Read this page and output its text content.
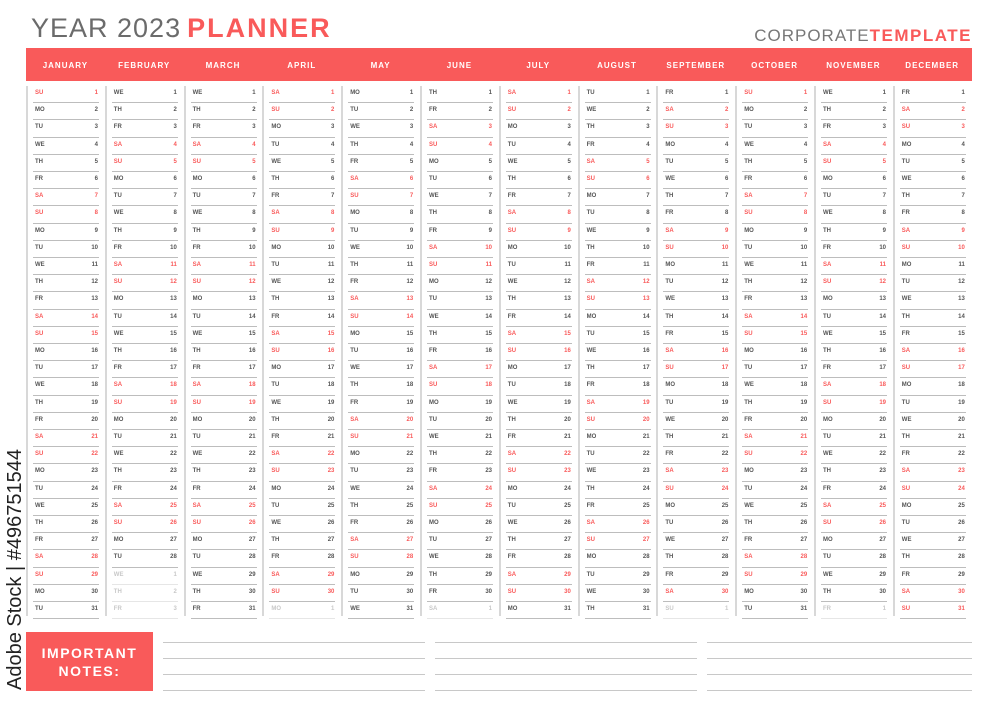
YEAR 2023 PLANNER	CORPORATETEMPLATE
JANUARY	FEBRUARY	MARCH	APRIL	MAY	JUNE	JULY	AUGUST	SEPTEMBER	OCTOBER	NOVEMBER	DECEMBER
SU	1
MO	2
TU	3
WE	4
TH	5
FR	6
SA	7
SU	8
MO	9
TU	10
WE	11
TH	12
FR	13
SA	14
SU	15
MO	16
TU	17
WE	18
TH	19
FR	20
SA	21
SU	22
MO	23
TU	24
WE	25
TH	26
FR	27
SA	28
SU	29
MO	30
TU	31
WE	1
TH	2
FR	3
SA	4
SU	5
MO	6
TU	7
WE	8
TH	9
FR	10
SA	11
SU	12
MO	13
TU	14
WE	15
TH	16
FR	17
SA	18
SU	19
MO	20
TU	21
WE	22
TH	23
FR	24
SA	25
SU	26
MO	27
TU	28
WE	1
TH	2
FR	3
WE	1
TH	2
FR	3
SA	4
SU	5
MO	6
TU	7
WE	8
TH	9
FR	10
SA	11
SU	12
MO	13
TU	14
WE	15
TH	16
FR	17
SA	18
SU	19
MO	20
TU	21
WE	22
TH	23
FR	24
SA	25
SU	26
MO	27
TU	28
WE	29
TH	30
FR	31
SA	1
SU	2
MO	3
TU	4
WE	5
TH	6
FR	7
SA	8
SU	9
MO	10
TU	11
WE	12
TH	13
FR	14
SA	15
SU	16
MO	17
TU	18
WE	19
TH	20
FR	21
SA	22
SU	23
MO	24
TU	25
WE	26
TH	27
FR	28
SA	29
SU	30
MO	1
MO	1
TU	2
WE	3
TH	4
FR	5
SA	6
SU	7
MO	8
TU	9
WE	10
TH	11
FR	12
SA	13
SU	14
MO	15
TU	16
WE	17
TH	18
FR	19
SA	20
SU	21
MO	22
TU	23
WE	24
TH	25
FR	26
SA	27
SU	28
MO	29
TU	30
WE	31
TH	1
FR	2
SA	3
SU	4
MO	5
TU	6
WE	7
TH	8
FR	9
SA	10
SU	11
MO	12
TU	13
WE	14
TH	15
FR	16
SA	17
SU	18
MO	19
TU	20
WE	21
TH	22
FR	23
SA	24
SU	25
MO	26
TU	27
WE	28
TH	29
FR	30
SA	1
SA	1
SU	2
MO	3
TU	4
WE	5
TH	6
FR	7
SA	8
SU	9
MO	10
TU	11
WE	12
TH	13
FR	14
SA	15
SU	16
MO	17
TU	18
WE	19
TH	20
FR	21
SA	22
SU	23
MO	24
TU	25
WE	26
TH	27
FR	28
SA	29
SU	30
MO	31
TU	1
WE	2
TH	3
FR	4
SA	5
SU	6
MO	7
TU	8
WE	9
TH	10
FR	11
SA	12
SU	13
MO	14
TU	15
WE	16
TH	17
FR	18
SA	19
SU	20
MO	21
TU	22
WE	23
TH	24
FR	25
SA	26
SU	27
MO	28
TU	29
WE	30
TH	31
FR	1
SA	2
SU	3
MO	4
TU	5
WE	6
TH	7
FR	8
SA	9
SU	10
MO	11
TU	12
WE	13
TH	14
FR	15
SA	16
SU	17
MO	18
TU	19
WE	20
TH	21
FR	22
SA	23
SU	24
MO	25
TU	26
WE	27
TH	28
FR	29
SA	30
SU	1
SU	1
MO	2
TU	3
WE	4
TH	5
FR	6
SA	7
SU	8
MO	9
TU	10
WE	11
TH	12
FR	13
SA	14
SU	15
MO	16
TU	17
WE	18
TH	19
FR	20
SA	21
SU	22
MO	23
TU	24
WE	25
TH	26
FR	27
SA	28
SU	29
MO	30
TU	31
WE	1
TH	2
FR	3
SA	4
SU	5
MO	6
TU	7
WE	8
TH	9
FR	10
SA	11
SU	12
MO	13
TU	14
WE	15
TH	16
FR	17
SA	18
SU	19
MO	20
TU	21
WE	22
TH	23
FR	24
SA	25
SU	26
MO	27
TU	28
WE	29
TH	30
FR	1
FR	1
SA	2
SU	3
MO	4
TU	5
WE	6
TH	7
FR	8
SA	9
SU	10
MO	11
TU	12
WE	13
TH	14
FR	15
SA	16
SU	17
MO	18
TU	19
WE	20
TH	21
FR	22
SA	23
SU	24
MO	25
TU	26
WE	27
TH	28
FR	29
SA	30
SU	31
IMPORTANT
NOTES:
Adobe Stock | #496751544
